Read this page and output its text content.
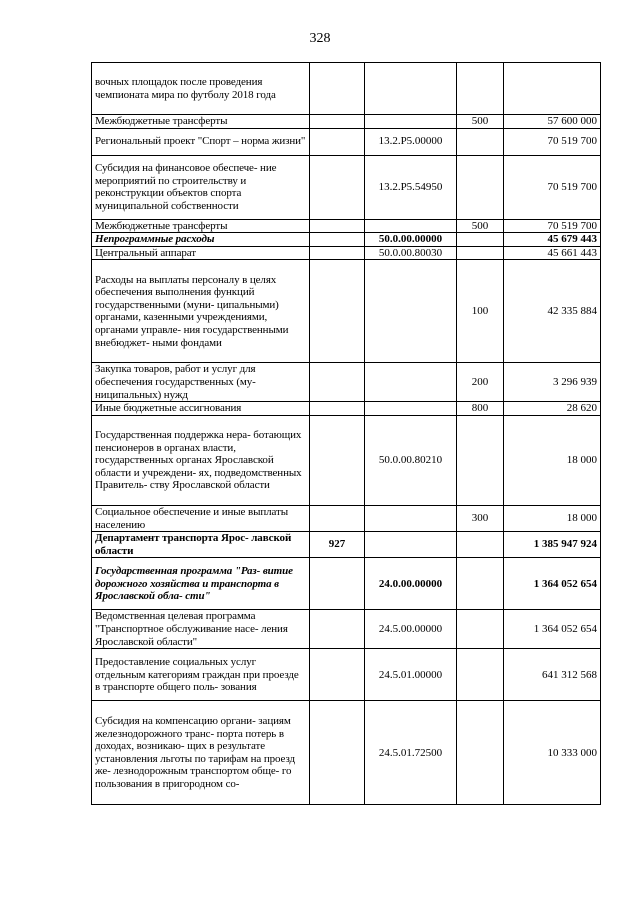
328
вочных площадок после проведения чемпионата мира по футболу 2018 года				
Межбюджетные трансферты			500	57 600 000
Региональный проект "Спорт – норма жизни"		13.2.P5.00000		70 519 700
Субсидия на финансовое обеспече- ние мероприятий по строительству и реконструкции объектов спорта муниципальной собственности		13.2.P5.54950		70 519 700
Межбюджетные трансферты			500	70 519 700
Непрограммные расходы		50.0.00.00000		45 679 443
Центральный аппарат		50.0.00.80030		45 661 443
Расходы на выплаты персоналу в целях обеспечения выполнения функций государственными (муни- ципальными) органами, казенными учреждениями, органами управле- ния государственными внебюджет- ными фондами			100	42 335 884
Закупка товаров, работ и услуг для обеспечения государственных (му- ниципальных) нужд			200	3 296 939
Иные бюджетные ассигнования			800	28 620
Государственная поддержка нера- ботающих пенсионеров в органах власти, государственных органах Ярославской области и учреждени- ях, подведомственных Правитель- ству Ярославской области		50.0.00.80210		18 000
Социальное обеспечение и иные выплаты населению			300	18 000
Департамент транспорта Ярос- лавской области	927			1 385 947 924
Государственная программа "Раз- витие дорожного хозяйства и транспорта в Ярославской обла- сти"		24.0.00.00000		1 364 052 654
Ведомственная целевая программа "Транспортное обслуживание насе- ления Ярославской области"		24.5.00.00000		1 364 052 654
Предоставление социальных услуг отдельным категориям граждан при проезде в транспорте общего поль- зования		24.5.01.00000		641 312 568
Субсидия на компенсацию органи- зациям железнодорожного транс- порта потерь в доходах, возникаю- щих в результате установления льготы по тарифам на проезд же- лезнодорожным транспортом обще- го пользования в пригородном со-		24.5.01.72500		10 333 000
